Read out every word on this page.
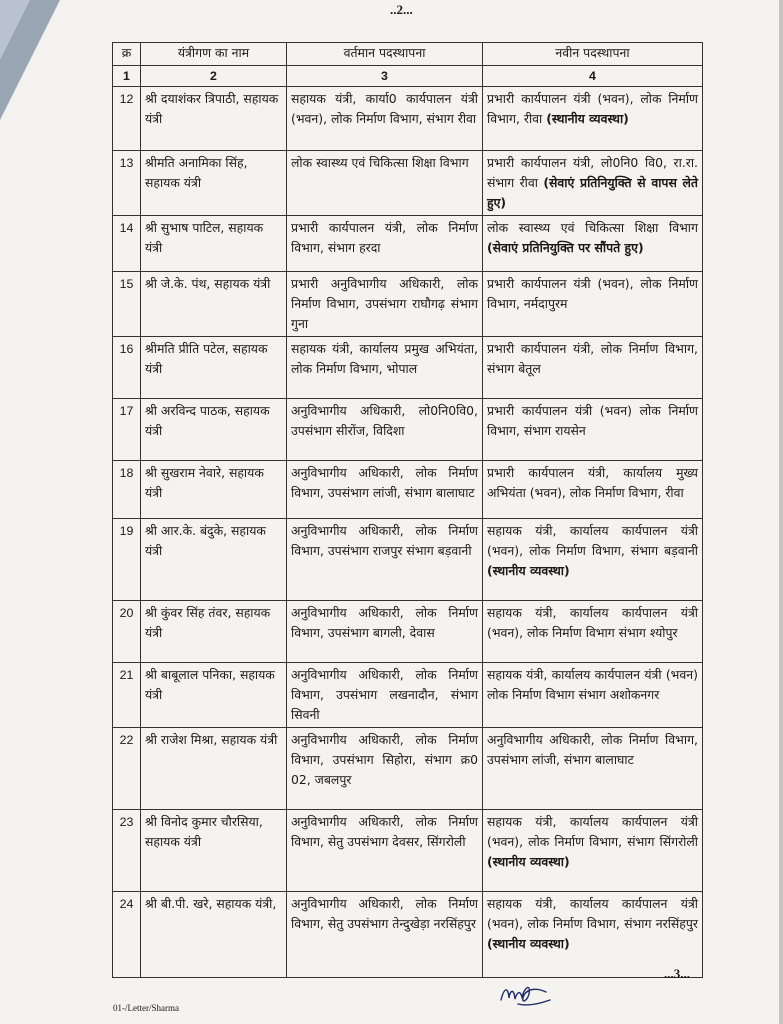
..2...
क्र	यंत्रीगण का नाम	वर्तमान पदस्थापना	नवीन पदस्थापना
1	2	3	4
12	श्री दयाशंकर त्रिपाठी, सहायक यंत्री	सहायक यंत्री, कार्या0 कार्यपालन यंत्री (भवन), लोक निर्माण विभाग, संभाग रीवा	प्रभारी कार्यपालन यंत्री (भवन), लोक निर्माण विभाग, रीवा (स्थानीय व्यवस्था)
13	श्रीमति अनामिका सिंह, सहायक यंत्री	लोक स्वास्थ्य एवं चिकित्सा शिक्षा विभाग	प्रभारी कार्यपालन यंत्री, लो0नि0 वि0, रा.रा. संभाग रीवा (सेवाएं प्रतिनियुक्ति से वापस लेते हुए)
14	श्री सुभाष पाटिल, सहायक यंत्री	प्रभारी कार्यपालन यंत्री, लोक निर्माण विभाग, संभाग हरदा	लोक स्वास्थ्य एवं चिकित्सा शिक्षा विभाग (सेवाएं प्रतिनियुक्ति पर सौंपते हुए)
15	श्री जे.के. पंथ, सहायक यंत्री	प्रभारी अनुविभागीय अधिकारी, लोक निर्माण विभाग, उपसंभाग राघौगढ़ संभाग गुना	प्रभारी कार्यपालन यंत्री (भवन), लोक निर्माण विभाग, नर्मदापुरम
16	श्रीमति प्रीति पटेल, सहायक यंत्री	सहायक यंत्री, कार्यालय प्रमुख अभियंता, लोक निर्माण विभाग, भोपाल	प्रभारी कार्यपालन यंत्री, लोक निर्माण विभाग, संभाग बेतूल
17	श्री अरविन्द पाठक, सहायक यंत्री	अनुविभागीय अधिकारी, लो0नि0वि0, उपसंभाग सीरोंज, विदिशा	प्रभारी कार्यपालन यंत्री (भवन) लोक निर्माण विभाग, संभाग रायसेन
18	श्री सुखराम नेवारे, सहायक यंत्री	अनुविभागीय अधिकारी, लोक निर्माण विभाग, उपसंभाग लांजी, संभाग बालाघाट	प्रभारी कार्यपालन यंत्री, कार्यालय मुख्य अभियंता (भवन), लोक निर्माण विभाग, रीवा
19	श्री आर.के. बंदुके, सहायक यंत्री	अनुविभागीय अधिकारी, लोक निर्माण विभाग, उपसंभाग राजपुर संभाग बड़वानी	सहायक यंत्री, कार्यालय कार्यपालन यंत्री (भवन), लोक निर्माण विभाग, संभाग बड़वानी (स्थानीय व्यवस्था)
20	श्री कुंवर सिंह तंवर, सहायक यंत्री	अनुविभागीय अधिकारी, लोक निर्माण विभाग, उपसंभाग बागली, देवास	सहायक यंत्री, कार्यालय कार्यपालन यंत्री (भवन), लोक निर्माण विभाग संभाग श्योपुर
21	श्री बाबूलाल पनिका, सहायक यंत्री	अनुविभागीय अधिकारी, लोक निर्माण विभाग, उपसंभाग लखनादौन, संभाग सिवनी	सहायक यंत्री, कार्यालय कार्यपालन यंत्री (भवन) लोक निर्माण विभाग संभाग अशोकनगर
22	श्री राजेश मिश्रा, सहायक यंत्री	अनुविभागीय अधिकारी, लोक निर्माण विभाग, उपसंभाग सिहोरा, संभाग क्र0 02, जबलपुर	अनुविभागीय अधिकारी, लोक निर्माण विभाग, उपसंभाग लांजी, संभाग बालाघाट
23	श्री विनोद कुमार चौरसिया, सहायक यंत्री	अनुविभागीय अधिकारी, लोक निर्माण विभाग, सेतु उपसंभाग देवसर, सिंगरोली	सहायक यंत्री, कार्यालय कार्यपालन यंत्री (भवन), लोक निर्माण विभाग, संभाग सिंगरोली (स्थानीय व्यवस्था)
24	श्री बी.पी. खरे, सहायक यंत्री,	अनुविभागीय अधिकारी, लोक निर्माण विभाग, सेतु उपसंभाग तेन्दुखेड़ा नरसिंहपुर	सहायक यंत्री, कार्यालय कार्यपालन यंत्री (भवन), लोक निर्माण विभाग, संभाग नरसिंहपुर (स्थानीय व्यवस्था)
...3...
01-/Letter/Sharma
